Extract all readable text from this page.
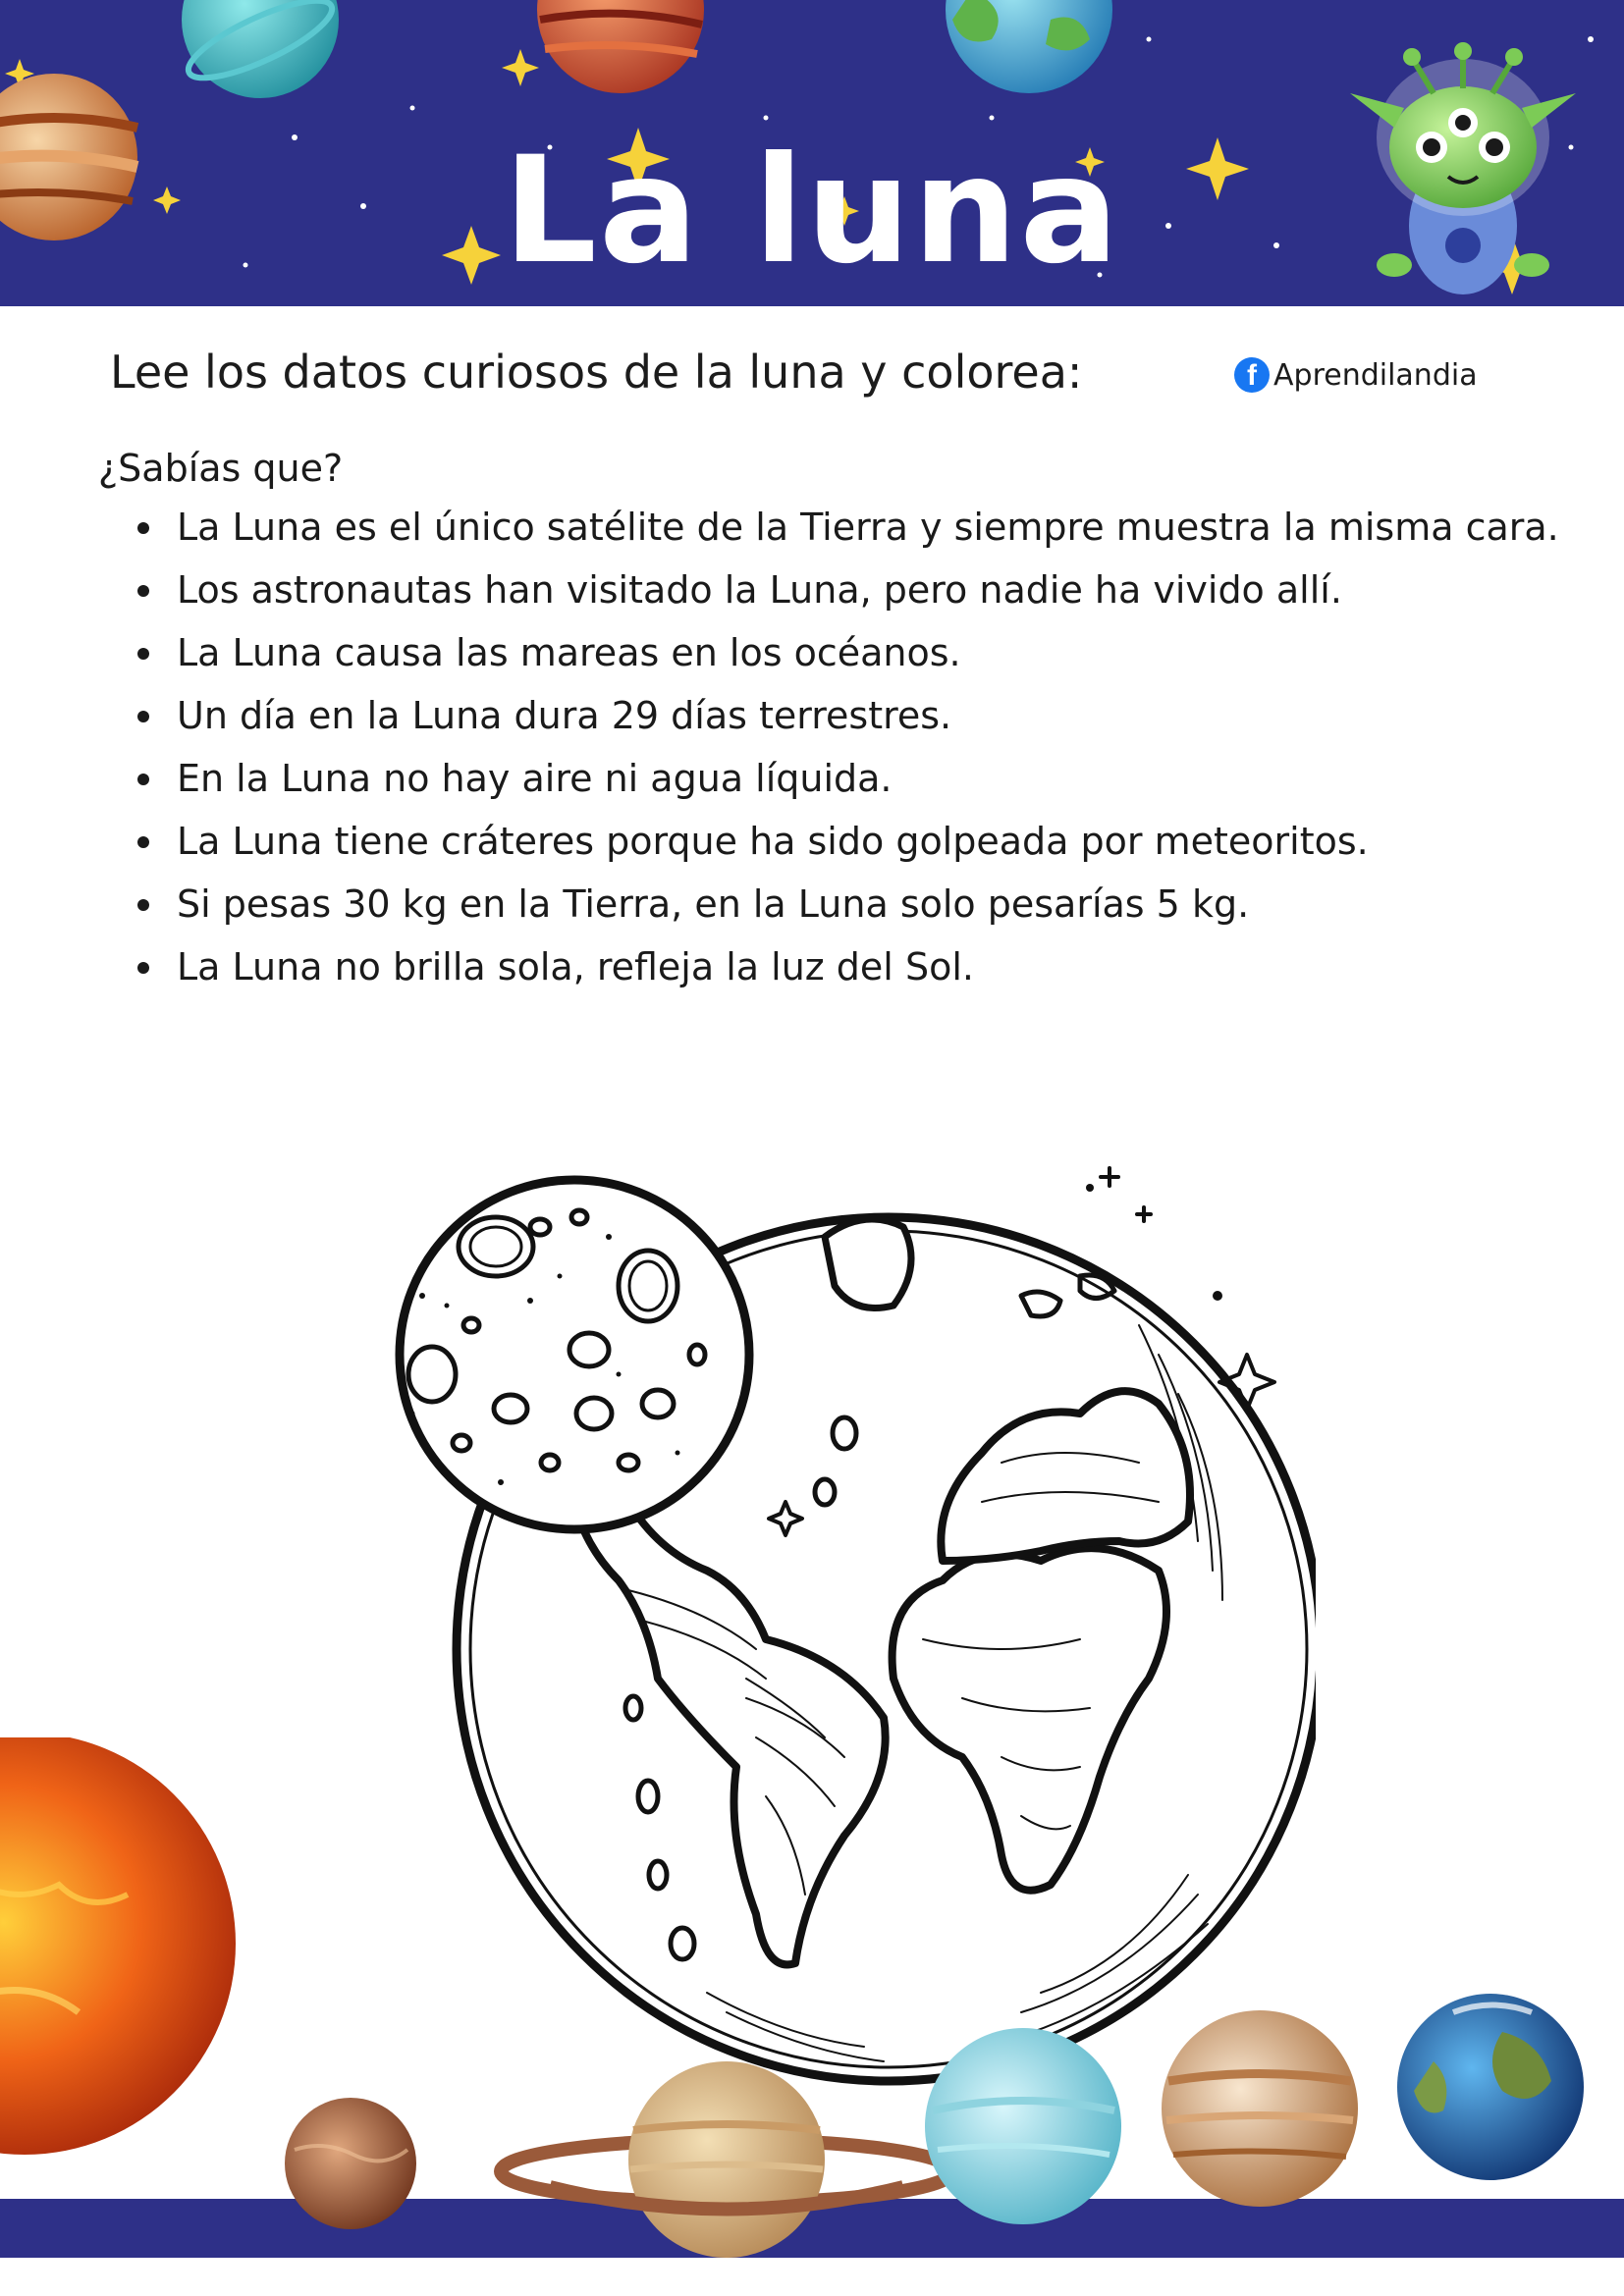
La luna
Lee los datos curiosos de la luna y colorea:	f Aprendilandia
¿Sabías que?
La Luna es el único satélite de la Tierra y siempre muestra la misma cara.
Los astronautas han visitado la Luna, pero nadie ha vivido allí.
La Luna causa las mareas en los océanos.
Un día en la Luna dura 29 días terrestres.
En la Luna no hay aire ni agua líquida.
La Luna tiene cráteres porque ha sido golpeada por meteoritos.
Si pesas 30 kg en la Tierra, en la Luna solo pesarías 5 kg.
La Luna no brilla sola, refleja la luz del Sol.
